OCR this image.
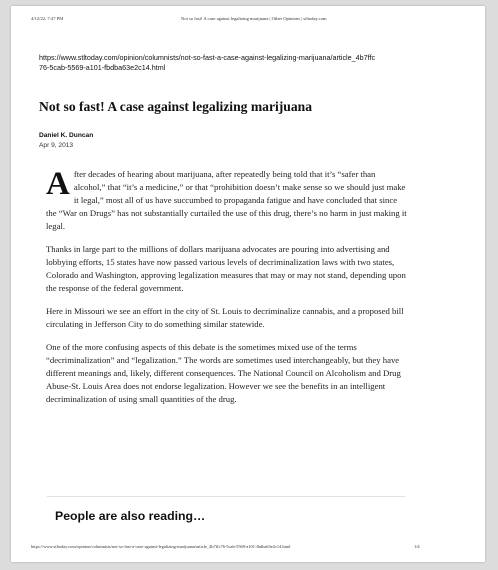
4/12/22, 7:47 PM	Not so fast! A case against legalizing marijuana | Other Opinions | stltoday.com
https://www.stltoday.com/opinion/columnists/not-so-fast-a-case-against-legalizing-marijuana/article_4b7ffc76-5cab-5569-a101-fbdba63e2c14.html
Not so fast! A case against legalizing marijuana
Daniel K. Duncan
Apr 9, 2013

After decades of hearing about marijuana, after repeatedly being told that it’s “safer than alcohol,” that “it’s a medicine,” or that “prohibition doesn’t make sense so we should just make it legal,” most all of us have succumbed to propaganda fatigue and have concluded that since the “War on Drugs” has not substantially curtailed the use of this drug, there’s no harm in just making it legal.

Thanks in large part to the millions of dollars marijuana advocates are pouring into advertising and lobbying efforts, 15 states have now passed various levels of decriminalization laws with two states, Colorado and Washington, approving legalization measures that may or may not stand, depending upon the response of the federal government.

Here in Missouri we see an effort in the city of St. Louis to decriminalize cannabis, and a proposed bill circulating in Jefferson City to do something similar statewide.

One of the more confusing aspects of this debate is the sometimes mixed use of the terms “decriminalization” and “legalization.” The words are sometimes used interchangeably, but they have different meanings and, likely, different consequences. The National Council on Alcoholism and Drug Abuse-St. Louis Area does not endorse legalization. However we see the benefits in an intelligent decriminalization of using small quantities of the drug.

People are also reading…
https://www.stltoday.com/opinion/columnists/not-so-fast-a-case-against-legalizing-marijuana/article_4b7ffc76-5cab-5569-a101-fbdba63e2c14.html	1/4
